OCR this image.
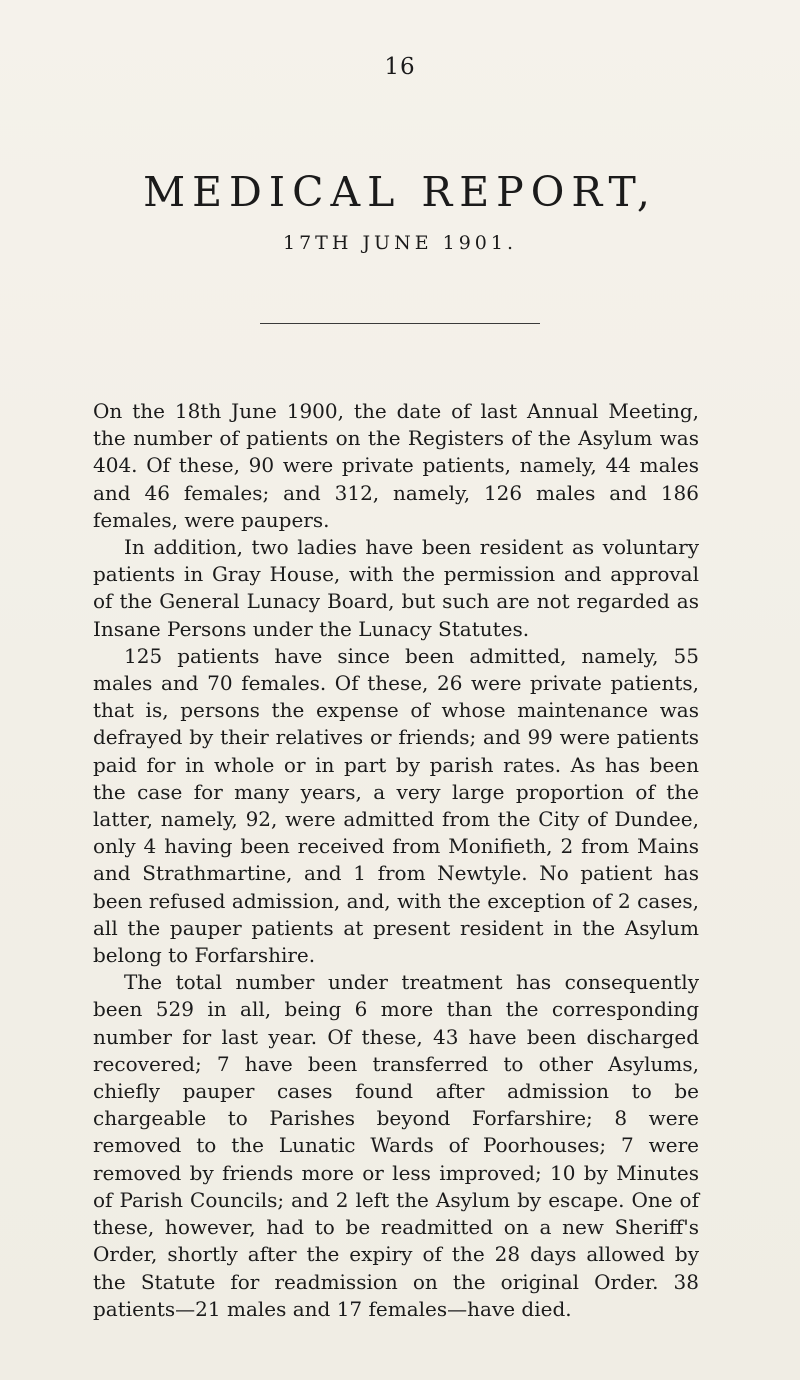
16
MEDICAL REPORT,
17TH JUNE 1901.

On the 18th June 1900, the date of last Annual Meeting, the number of patients on the Registers of the Asylum was 404. Of these, 90 were private patients, namely, 44 males and 46 females; and 312, namely, 126 males and 186 females, were paupers.

In addition, two ladies have been resident as voluntary patients in Gray House, with the permission and approval of the General Lunacy Board, but such are not regarded as Insane Persons under the Lunacy Statutes.

125 patients have since been admitted, namely, 55 males and 70 females. Of these, 26 were private patients, that is, persons the expense of whose maintenance was defrayed by their relatives or friends; and 99 were patients paid for in whole or in part by parish rates. As has been the case for many years, a very large proportion of the latter, namely, 92, were admitted from the City of Dundee, only 4 having been received from Monifieth, 2 from Mains and Strathmartine, and 1 from Newtyle. No patient has been refused admission, and, with the exception of 2 cases, all the pauper patients at present resident in the Asylum belong to Forfarshire.

The total number under treatment has consequently been 529 in all, being 6 more than the corresponding number for last year. Of these, 43 have been discharged recovered; 7 have been transferred to other Asylums, chiefly pauper cases found after admission to be chargeable to Parishes beyond Forfarshire; 8 were removed to the Lunatic Wards of Poorhouses; 7 were removed by friends more or less improved; 10 by Minutes of Parish Councils; and 2 left the Asylum by escape. One of these, however, had to be readmitted on a new Sheriff's Order, shortly after the expiry of the 28 days allowed by the Statute for readmission on the original Order. 38 patients—21 males and 17 females—have died.
